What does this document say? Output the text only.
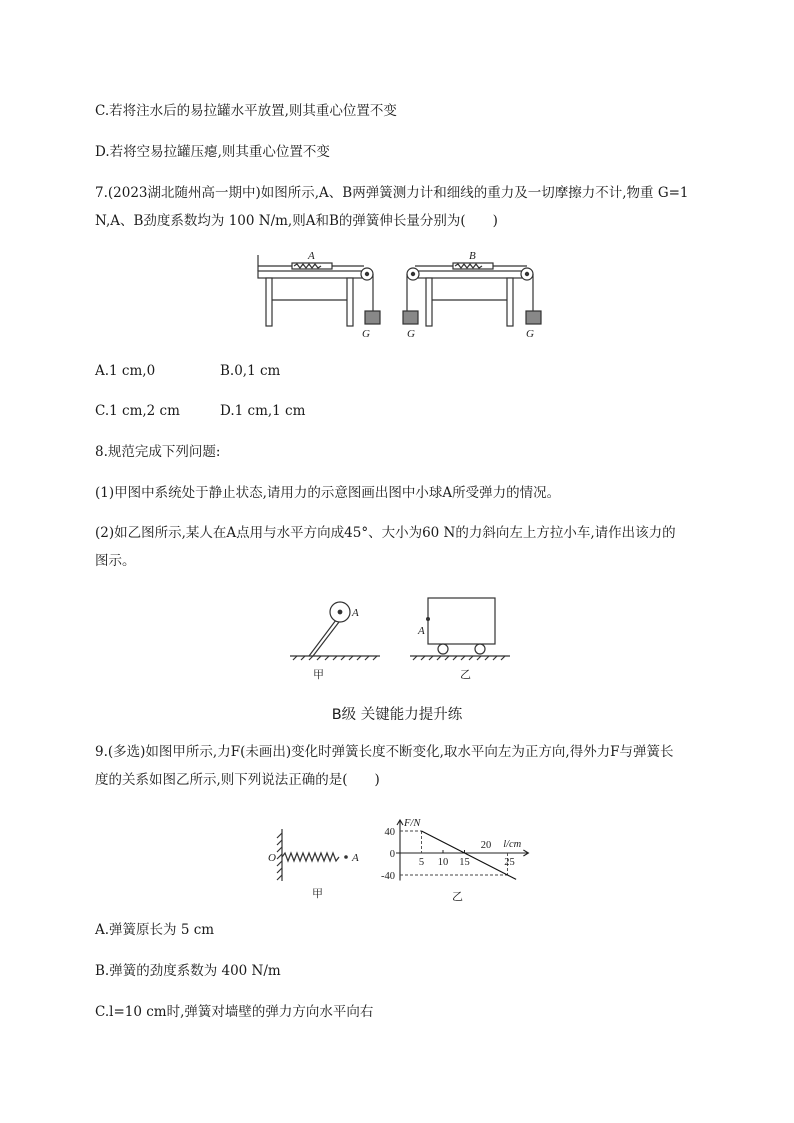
C.若将注水后的易拉罐水平放置,则其重心位置不变
D.若将空易拉罐压瘪,则其重心位置不变
7.(2023湖北随州高一期中)如图所示,A、B两弹簧测力计和细线的重力及一切摩擦力不计,物重 G=1
N,A、B劲度系数均为 100 N/m,则A和B的弹簧伸长量分别为(　　)
A	B
G	G	G
A.1 cm,0	B.0,1 cm
C.1 cm,2 cm	D.1 cm,1 cm
8.规范完成下列问题:
(1)甲图中系统处于静止状态,请用力的示意图画出图中小球A所受弹力的情况。
(2)如乙图所示,某人在A点用与水平方向成45°、大小为60 N的力斜向左上方拉小车,请作出该力的
图示。
A
A
甲	乙
B级 关键能力提升练
9.(多选)如图甲所示,力F(未画出)变化时弹簧长度不断变化,取水平向左为正方向,得外力F与弹簧长
度的关系如图乙所示,则下列说法正确的是(　　)
O	A
甲
F/N
l/cm
40
0
-40
5 10 15
20
25
乙
A.弹簧原长为 5 cm
B.弹簧的劲度系数为 400 N/m
C.l=10 cm时,弹簧对墙壁的弹力方向水平向右
